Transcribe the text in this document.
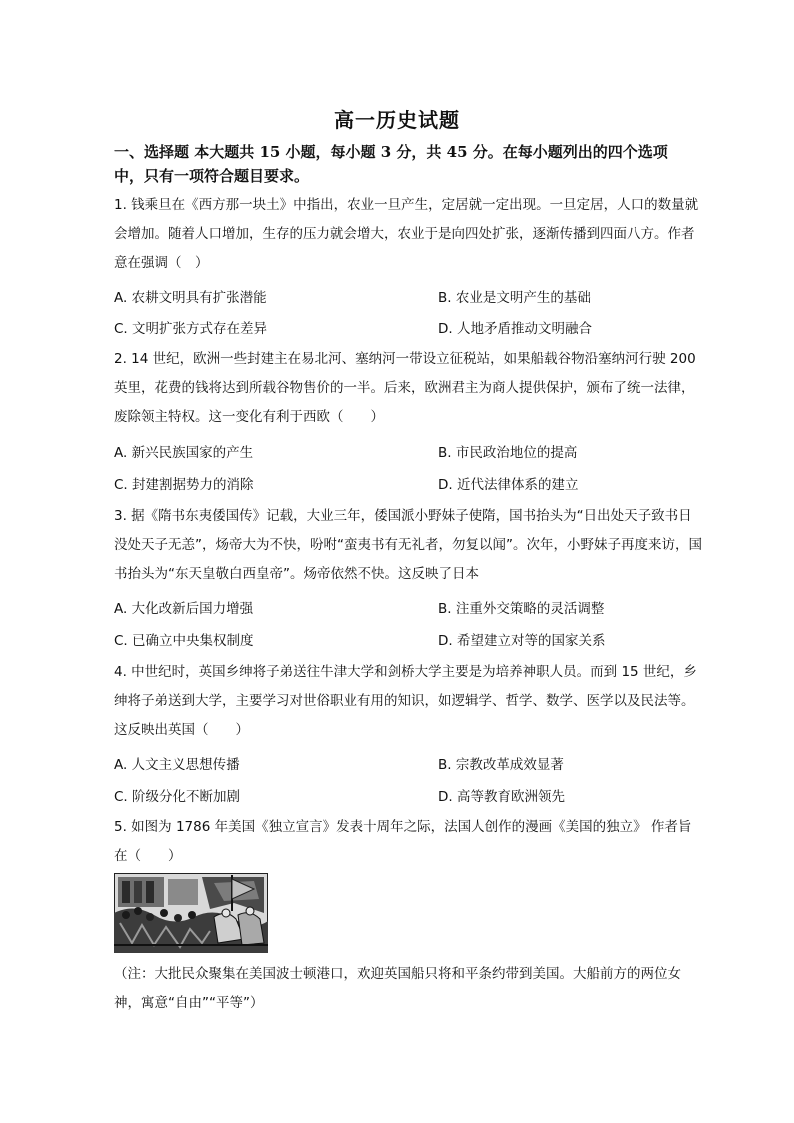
高一历史试题
一、选择题 本大题共 15 小题，每小题 3 分，共 45 分。在每小题列出的四个选项中，只有一项符合题目要求。
1. 钱乘旦在《西方那一块土》中指出，农业一旦产生，定居就一定出现。一旦定居，人口的数量就会增加。随着人口增加，生存的压力就会增大，农业于是向四处扩张，逐渐传播到四面八方。作者意在强调（　）
A. 农耕文明具有扩张潜能	B. 农业是文明产生的基础
C. 文明扩张方式存在差异	D. 人地矛盾推动文明融合
2. 14 世纪，欧洲一些封建主在易北河、塞纳河一带设立征税站，如果船载谷物沿塞纳河行驶 200 英里，花费的钱将达到所载谷物售价的一半。后来，欧洲君主为商人提供保护，颁布了统一法律，废除领主特权。这一变化有利于西欧（　　）
A. 新兴民族国家的产生	B. 市民政治地位的提高
C. 封建割据势力的消除	D. 近代法律体系的建立
3. 据《隋书东夷倭国传》记载，大业三年，倭国派小野妹子使隋，国书抬头为“日出处天子致书日没处天子无恙”，炀帝大为不快，吩咐“蛮夷书有无礼者，勿复以闻”。次年，小野妹子再度来访，国书抬头为“东天皇敬白西皇帝”。炀帝依然不快。这反映了日本
A. 大化改新后国力增强	B. 注重外交策略的灵活调整
C. 已确立中央集权制度	D. 希望建立对等的国家关系
4. 中世纪时，英国乡绅将子弟送往牛津大学和剑桥大学主要是为培养神职人员。而到 15 世纪，乡绅将子弟送到大学，主要学习对世俗职业有用的知识，如逻辑学、哲学、数学、医学以及民法等。这反映出英国（　　）
A. 人文主义思想传播	B. 宗教改革成效显著
C. 阶级分化不断加剧	D. 高等教育欧洲领先
5. 如图为 1786 年美国《独立宣言》发表十周年之际，法国人创作的漫画《美国的独立》 作者旨在（　　）
（注：大批民众聚集在美国波士顿港口，欢迎英国船只将和平条约带到美国。大船前方的两位女神，寓意“自由”“平等”）
